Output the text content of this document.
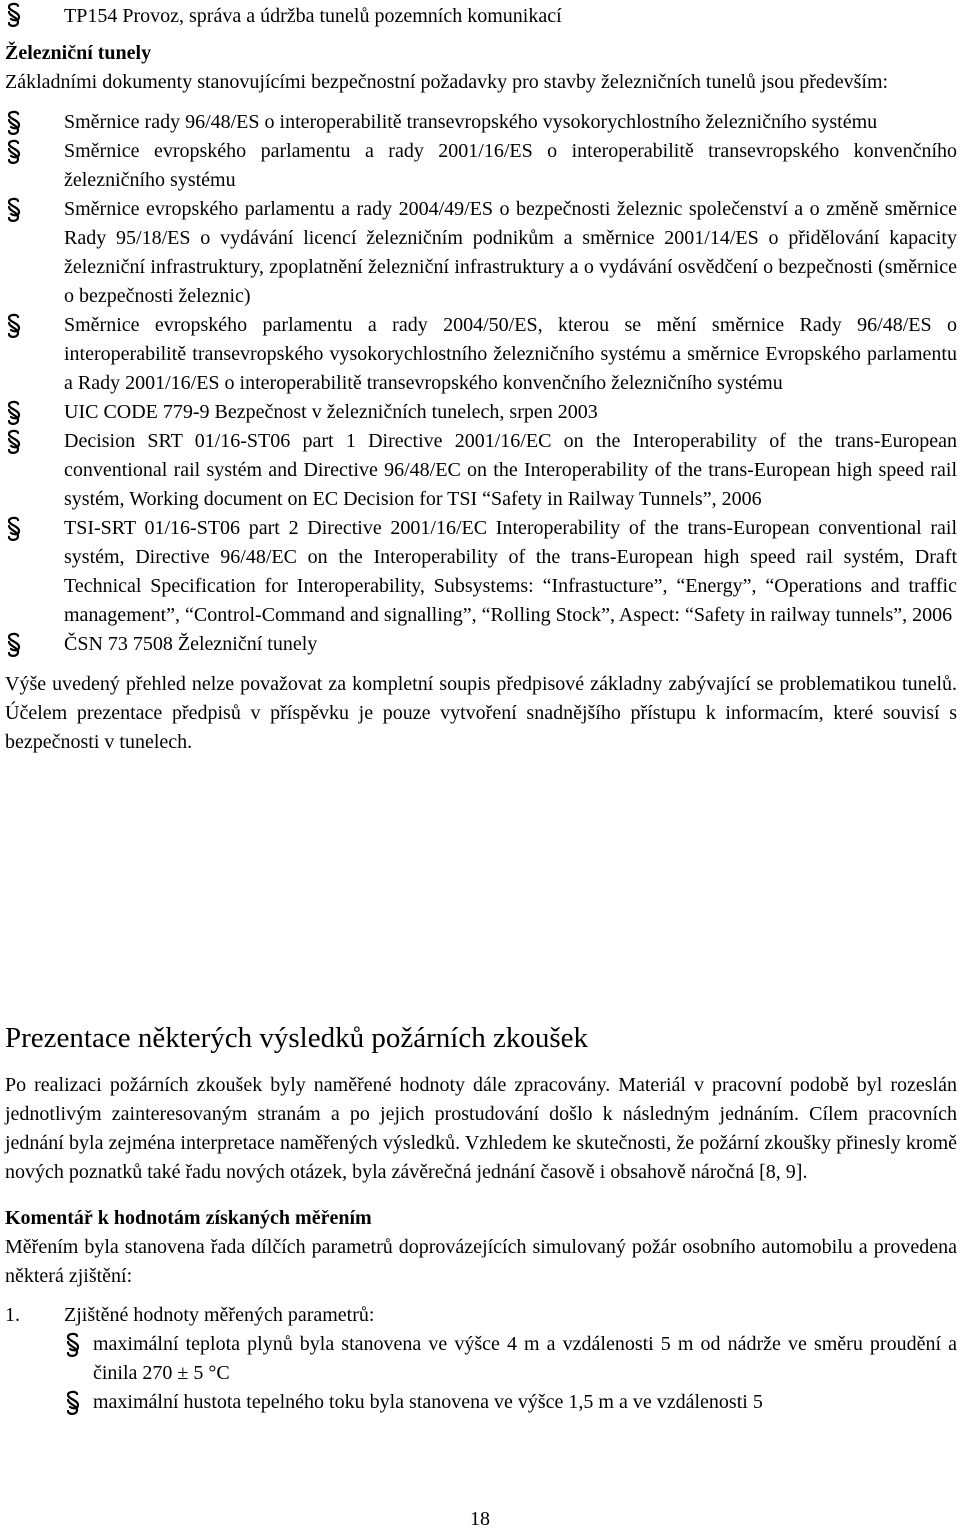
TP154 Provoz, správa a údržba tunelů pozemních komunikací
Železniční tunely

Základními dokumenty stanovujícími bezpečnostní požadavky pro stavby železničních tunelů jsou především:

Směrnice rady 96/48/ES o interoperabilitě transevropského vysokorychlostního železničního systému
Směrnice evropského parlamentu a rady 2001/16/ES o interoperabilitě transevropského konvenčního železničního systému
Směrnice evropského parlamentu a rady 2004/49/ES o bezpečnosti železnic společenství a o změně směrnice Rady 95/18/ES o vydávání licencí železničním podnikům a směrnice 2001/14/ES o přidělování kapacity železniční infrastruktury, zpoplatnění železniční infrastruktury a o vydávání osvědčení o bezpečnosti (směrnice o bezpečnosti železnic)
Směrnice evropského parlamentu a rady 2004/50/ES, kterou se mění směrnice Rady 96/48/ES o interoperabilitě transevropského vysokorychlostního železničního systému a směrnice Evropského parlamentu a Rady 2001/16/ES o interoperabilitě transevropského konvenčního železničního systému
UIC CODE 779-9 Bezpečnost v železničních tunelech, srpen 2003
Decision SRT 01/16-ST06 part 1 Directive 2001/16/EC on the Interoperability of the trans-European conventional rail systém and Directive 96/48/EC on the Interoperability of the trans-European high speed rail systém, Working document on EC Decision for TSI “Safety in Railway Tunnels”, 2006
TSI-SRT 01/16-ST06 part 2 Directive 2001/16/EC Interoperability of the trans-European conventional rail systém, Directive 96/48/EC on the Interoperability of the trans-European high speed rail systém, Draft Technical Specification for Interoperability, Subsystems: “Infrastucture”, “Energy”, “Operations and traffic management”, “Control-Command and signalling”, “Rolling Stock”, Aspect: “Safety in railway tunnels”, 2006
ČSN 73 7508 Železniční tunely

Výše uvedený přehled nelze považovat za kompletní soupis předpisové základny zabývající se problematikou tunelů. Účelem prezentace předpisů v příspěvku je pouze vytvoření snadnějšího přístupu k informacím, které souvisí s bezpečnosti v tunelech.

Prezentace některých výsledků požárních zkoušek

Po realizaci požárních zkoušek byly naměřené hodnoty dále zpracovány. Materiál v pracovní podobě byl rozeslán jednotlivým zainteresovaným stranám a po jejich prostudování došlo k následným jednáním. Cílem pracovních jednání byla zejména interpretace naměřených výsledků. Vzhledem ke skutečnosti, že požární zkoušky přinesly kromě nových poznatků také řadu nových otázek, byla závěrečná jednání časově i obsahově náročná [8, 9].

Komentář k hodnotám získaných měřením

Měřením byla stanovena řada dílčích parametrů doprovázejících simulovaný požár osobního automobilu a provedena některá zjištění:

1. Zjištěné hodnoty měřených parametrů:
maximální teplota plynů byla stanovena ve výšce 4 m a vzdálenosti 5 m od nádrže ve směru proudění a činila 270 ± 5 °C
maximální hustota tepelného toku byla stanovena ve výšce 1,5 m a ve vzdálenosti 5
18
